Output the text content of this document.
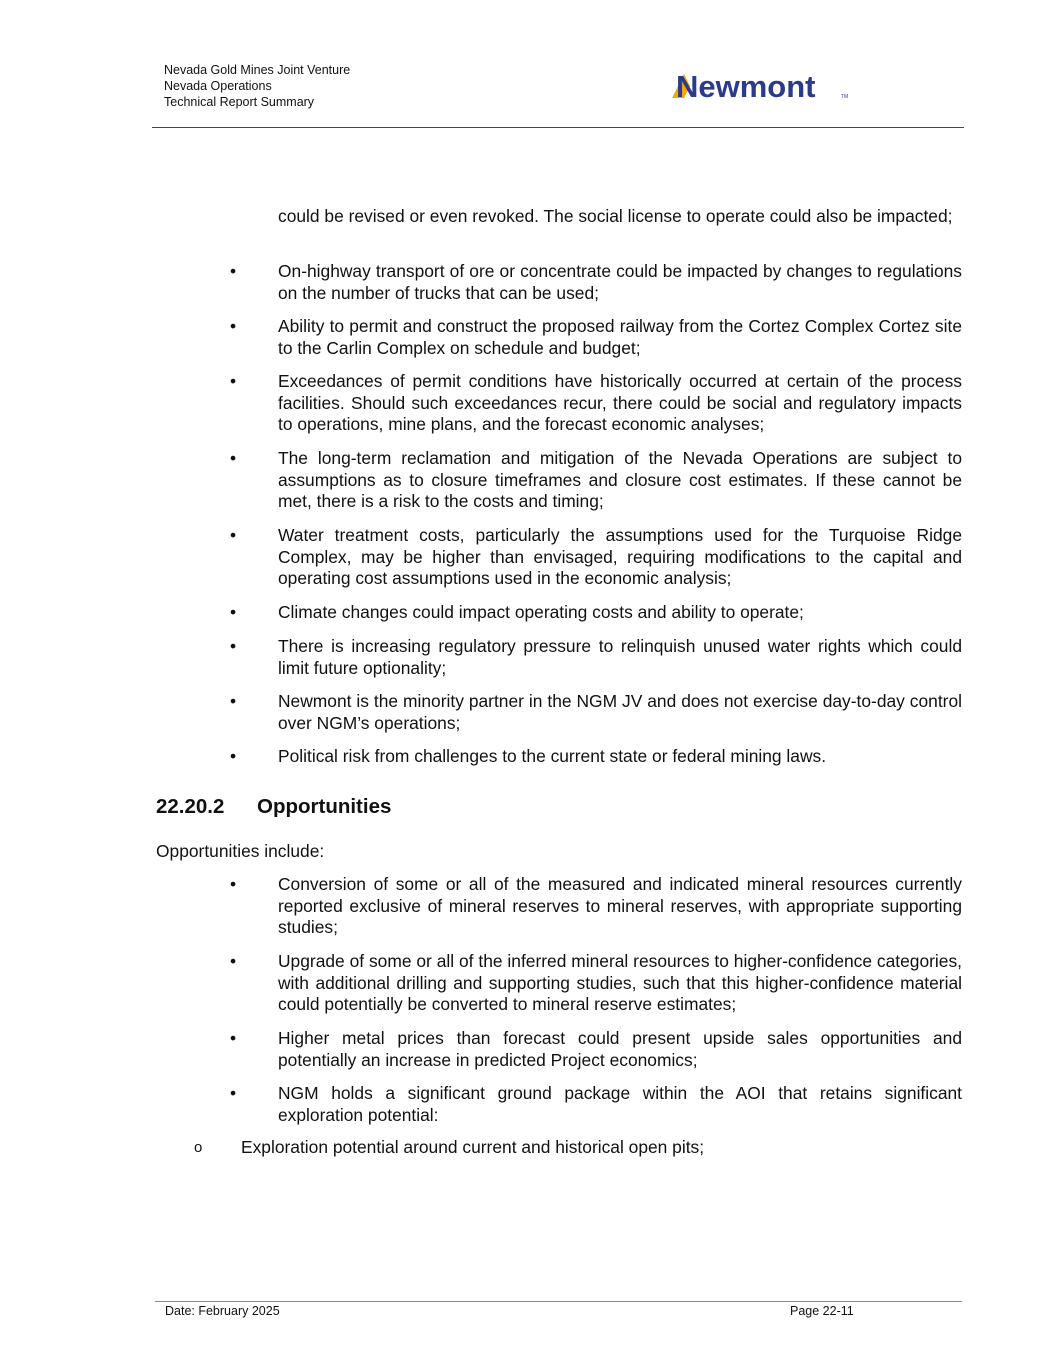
Nevada Gold Mines Joint Venture
Nevada Operations
Technical Report Summary	Newmont	TM
could be revised or even revoked. The social license to operate could also be impacted;
• On-highway transport of ore or concentrate could be impacted by changes to regulations on the number of trucks that can be used;
• Ability to permit and construct the proposed railway from the Cortez Complex Cortez site to the Carlin Complex on schedule and budget;
• Exceedances of permit conditions have historically occurred at certain of the process facilities. Should such exceedances recur, there could be social and regulatory impacts to operations, mine plans, and the forecast economic analyses;
• The long-term reclamation and mitigation of the Nevada Operations are subject to assumptions as to closure timeframes and closure cost estimates. If these cannot be met, there is a risk to the costs and timing;
• Water treatment costs, particularly the assumptions used for the Turquoise Ridge Complex, may be higher than envisaged, requiring modifications to the capital and operating cost assumptions used in the economic analysis;
• Climate changes could impact operating costs and ability to operate;
• There is increasing regulatory pressure to relinquish unused water rights which could limit future optionality;
• Newmont is the minority partner in the NGM JV and does not exercise day-to-day control over NGM’s operations;
• Political risk from challenges to the current state or federal mining laws.
22.20.2 Opportunities
Opportunities include:
• Conversion of some or all of the measured and indicated mineral resources currently reported exclusive of mineral reserves to mineral reserves, with appropriate supporting studies;
• Upgrade of some or all of the inferred mineral resources to higher-confidence categories, with additional drilling and supporting studies, such that this higher-confidence material could potentially be converted to mineral reserve estimates;
• Higher metal prices than forecast could present upside sales opportunities and potentially an increase in predicted Project economics;
• NGM holds a significant ground package within the AOI that retains significant exploration potential:
o Exploration potential around current and historical open pits;
Date: February 2025	Page 22-11
